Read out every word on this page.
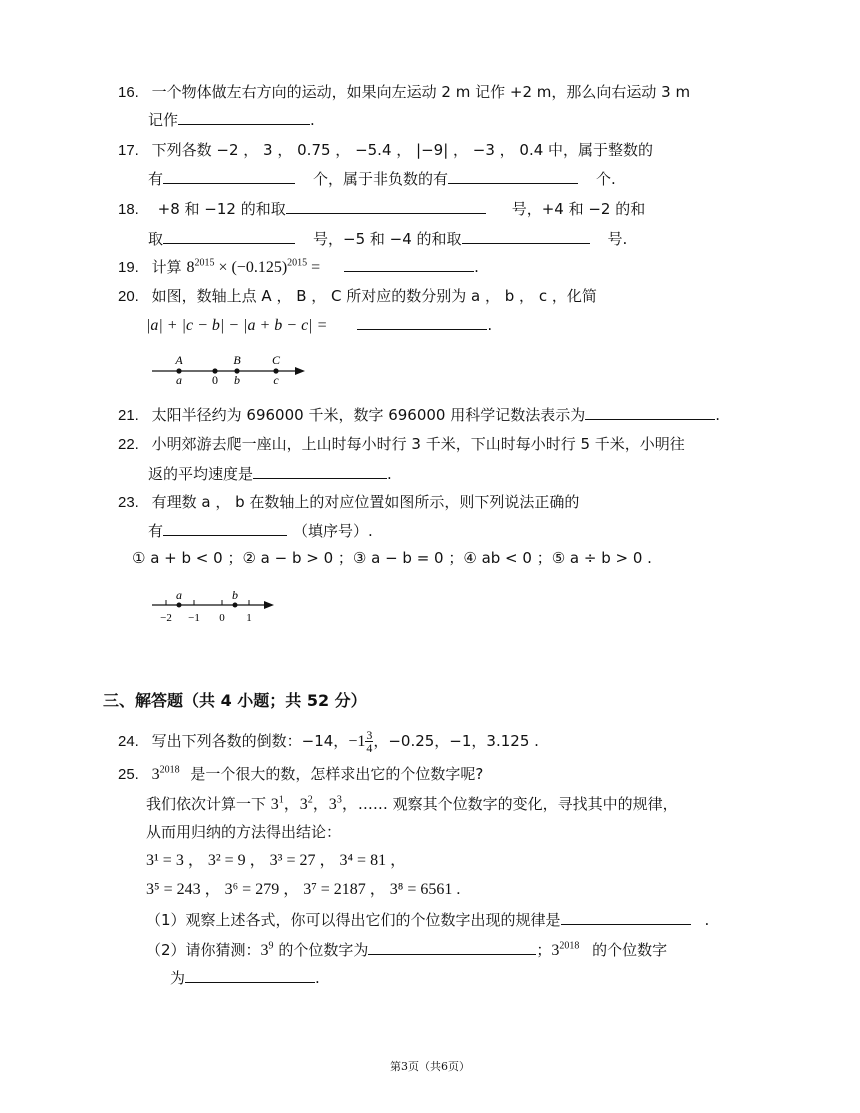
16. 一个物体做左右方向的运动，如果向左运动 2 m 记作 +2 m，那么向右运动 3 m
记作	.
17. 下列各数 −2 ， 3 ， 0.75 ， −5.4 ， |−9| ， −3 ， 0.4 中，属于整数的
有	个，属于非负数的有	个.
18. +8 和 −12 的和取	号，+4 和 −2 的和
取	号，−5 和 −4 的和取	号.
19. 计算 $8^{2015} \times (-0.125)^{2015}$ =	.
20. 如图，数轴上点 A ， B ， C 所对应的数分别为 a ， b ， c ，化简
|a| + |c − b| − |a + b − c| =	.
A	B	C
a	0 b	c
21. 太阳半径约为 696000 千米，数字 696000 用科学记数法表示为	.
22. 小明郊游去爬一座山，上山时每小时行 3 千米，下山时每小时行 5 千米，小明往
返的平均速度是	.
23. 有理数 a ， b 在数轴上的对应位置如图所示，则下列说法正确的
有	（填序号）.
① a + b < 0 ；② a − b > 0 ；③ a − b = 0 ；④ ab < 0 ；⑤ a ÷ b > 0 .
a	b
−2 −1 0 1
三、解答题（共 4 小题；共 52 分）
24. 写出下列各数的倒数：−14，$-1 \frac{3}{4}$ ，−0.25，−1，3.125 .
25. $3^{2018}$ 是一个很大的数，怎样求出它的个位数字呢?
我们依次计算一下 $3^1$，$3^2$，$3^3$，…… 观察其个位数字的变化，寻找其中的规律，
从而用归纳的方法得出结论：
3¹ = 3 ， 3² = 9 ， 3³ = 27 ， 3⁴ = 81 ，
3⁵ = 243 ， 3⁶ = 279 ， 3⁷ = 2187 ， 3⁸ = 6561 .
（1）观察上述各式，你可以得出它们的个位数字出现的规律是	.
（2）请你猜测：$3^9$ 的个位数字为	；$3^{2018}$ 的个位数字
为	.
第3页（共6页）
